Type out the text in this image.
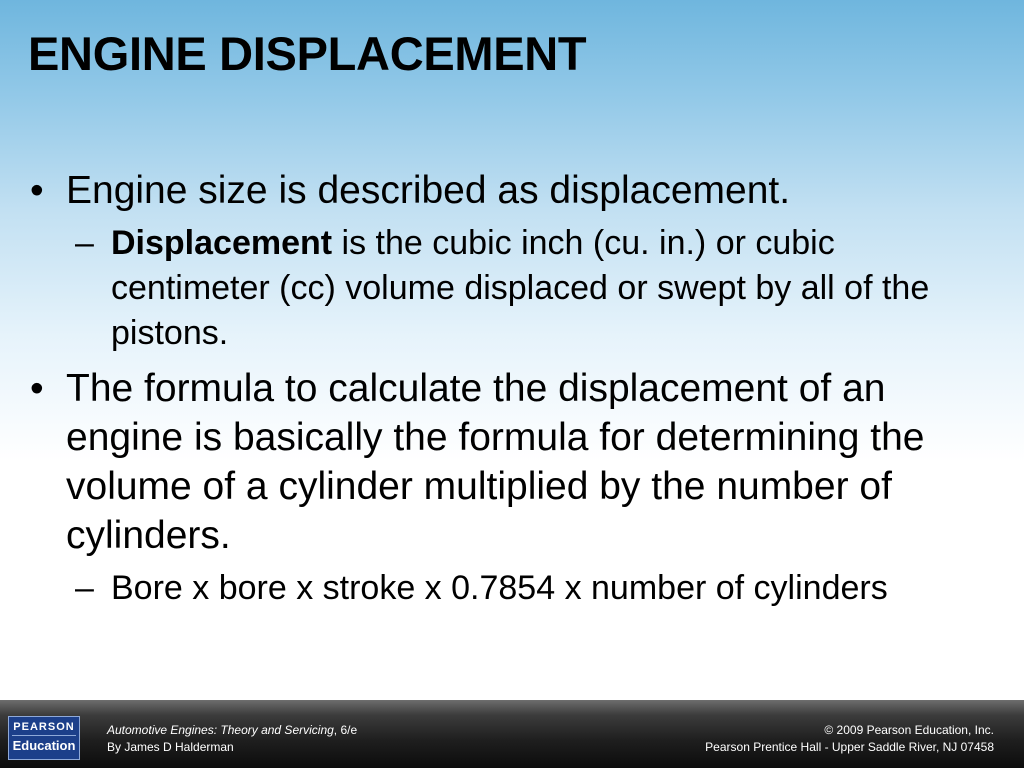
ENGINE DISPLACEMENT
• Engine size is described as displacement.
– Displacement is the cubic inch (cu. in.) or cubic centimeter (cc) volume displaced or swept by all of the pistons.
• The formula to calculate the displacement of an engine is basically the formula for determining the volume of a cylinder multiplied by the number of cylinders.
– Bore x bore x stroke x 0.7854 x number of cylinders
PEARSON
Education
Automotive Engines: Theory and Servicing, 6/e
By James D Halderman
© 2009 Pearson Education, Inc.
Pearson Prentice Hall - Upper Saddle River, NJ 07458
